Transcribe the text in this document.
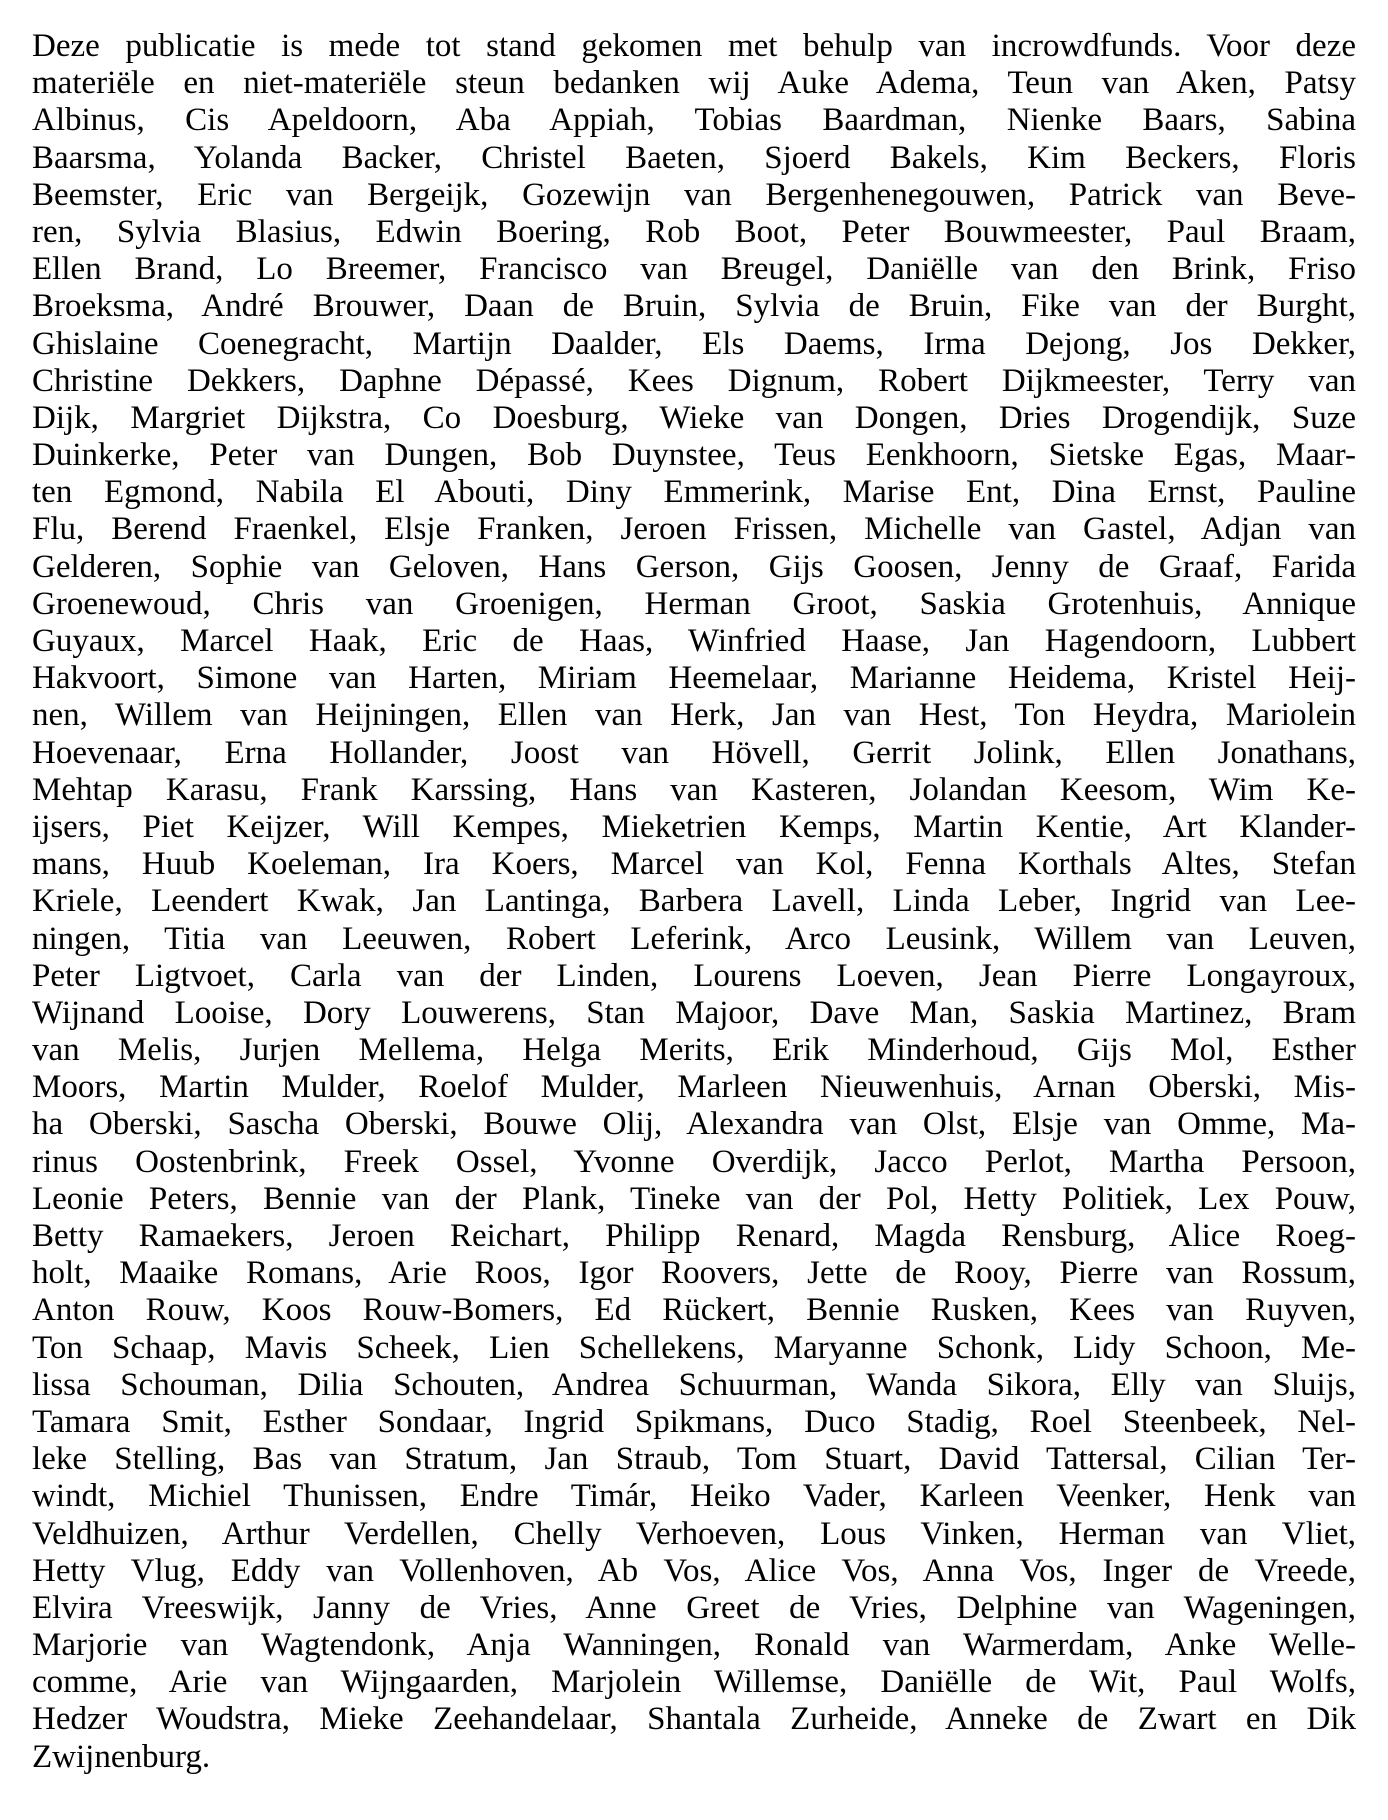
Deze publicatie is mede tot stand gekomen met behulp van incrowdfunds. Voor deze
materiële en niet-materiële steun bedanken wij Auke Adema, Teun van Aken, Patsy
Albinus, Cis Apeldoorn, Aba Appiah, Tobias Baardman, Nienke Baars, Sabina
Baarsma, Yolanda Backer, Christel Baeten, Sjoerd Bakels, Kim Beckers, Floris
Beemster, Eric van Bergeijk, Gozewijn van Bergenhenegouwen, Patrick van Beve-
ren, Sylvia Blasius, Edwin Boering, Rob Boot, Peter Bouwmeester, Paul Braam,
Ellen Brand, Lo Breemer, Francisco van Breugel, Daniëlle van den Brink, Friso
Broeksma, André Brouwer, Daan de Bruin, Sylvia de Bruin, Fike van der Burght,
Ghislaine Coenegracht, Martijn Daalder, Els Daems, Irma Dejong, Jos Dekker,
Christine Dekkers, Daphne Dépassé, Kees Dignum, Robert Dijkmeester, Terry van
Dijk, Margriet Dijkstra, Co Doesburg, Wieke van Dongen, Dries Drogendijk, Suze
Duinkerke, Peter van Dungen, Bob Duynstee, Teus Eenkhoorn, Sietske Egas, Maar-
ten Egmond, Nabila El Abouti, Diny Emmerink, Marise Ent, Dina Ernst, Pauline
Flu, Berend Fraenkel, Elsje Franken, Jeroen Frissen, Michelle van Gastel, Adjan van
Gelderen, Sophie van Geloven, Hans Gerson, Gijs Goosen, Jenny de Graaf, Farida
Groenewoud, Chris van Groenigen, Herman Groot, Saskia Grotenhuis, Annique
Guyaux, Marcel Haak, Eric de Haas, Winfried Haase, Jan Hagendoorn, Lubbert
Hakvoort, Simone van Harten, Miriam Heemelaar, Marianne Heidema, Kristel Heij-
nen, Willem van Heijningen, Ellen van Herk, Jan van Hest, Ton Heydra, Mariolein
Hoevenaar, Erna Hollander, Joost van Hövell, Gerrit Jolink, Ellen Jonathans,
Mehtap Karasu, Frank Karssing, Hans van Kasteren, Jolandan Keesom, Wim Ke-
ijsers, Piet Keijzer, Will Kempes, Mieketrien Kemps, Martin Kentie, Art Klander-
mans, Huub Koeleman, Ira Koers, Marcel van Kol, Fenna Korthals Altes, Stefan
Kriele, Leendert Kwak, Jan Lantinga, Barbera Lavell, Linda Leber, Ingrid van Lee-
ningen, Titia van Leeuwen, Robert Leferink, Arco Leusink, Willem van Leuven,
Peter Ligtvoet, Carla van der Linden, Lourens Loeven, Jean Pierre Longayroux,
Wijnand Looise, Dory Louwerens, Stan Majoor, Dave Man, Saskia Martinez, Bram
van Melis, Jurjen Mellema, Helga Merits, Erik Minderhoud, Gijs Mol, Esther
Moors, Martin Mulder, Roelof Mulder, Marleen Nieuwenhuis, Arnan Oberski, Mis-
ha Oberski, Sascha Oberski, Bouwe Olij, Alexandra van Olst, Elsje van Omme, Ma-
rinus Oostenbrink, Freek Ossel, Yvonne Overdijk, Jacco Perlot, Martha Persoon,
Leonie Peters, Bennie van der Plank, Tineke van der Pol, Hetty Politiek, Lex Pouw,
Betty Ramaekers, Jeroen Reichart, Philipp Renard, Magda Rensburg, Alice Roeg-
holt, Maaike Romans, Arie Roos, Igor Roovers, Jette de Rooy, Pierre van Rossum,
Anton Rouw, Koos Rouw-Bomers, Ed Rückert, Bennie Rusken, Kees van Ruyven,
Ton Schaap, Mavis Scheek, Lien Schellekens, Maryanne Schonk, Lidy Schoon, Me-
lissa Schouman, Dilia Schouten, Andrea Schuurman, Wanda Sikora, Elly van Sluijs,
Tamara Smit, Esther Sondaar, Ingrid Spikmans, Duco Stadig, Roel Steenbeek, Nel-
leke Stelling, Bas van Stratum, Jan Straub, Tom Stuart, David Tattersal, Cilian Ter-
windt, Michiel Thunissen, Endre Timár, Heiko Vader, Karleen Veenker, Henk van
Veldhuizen, Arthur Verdellen, Chelly Verhoeven, Lous Vinken, Herman van Vliet,
Hetty Vlug, Eddy van Vollenhoven, Ab Vos, Alice Vos, Anna Vos, Inger de Vreede,
Elvira Vreeswijk, Janny de Vries, Anne Greet de Vries, Delphine van Wageningen,
Marjorie van Wagtendonk, Anja Wanningen, Ronald van Warmerdam, Anke Welle-
comme, Arie van Wijngaarden, Marjolein Willemse, Daniëlle de Wit, Paul Wolfs,
Hedzer Woudstra, Mieke Zeehandelaar, Shantala Zurheide, Anneke de Zwart en Dik
Zwijnenburg.
